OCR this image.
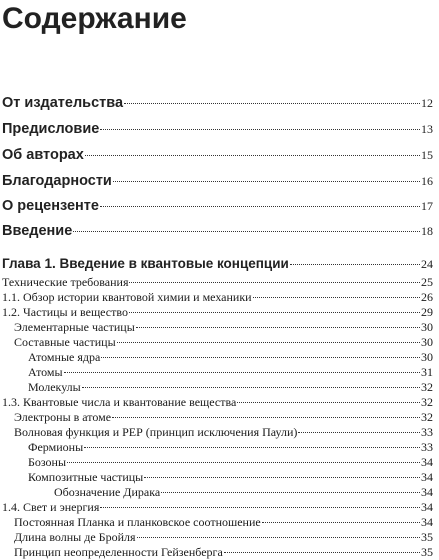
Содержание
От издательства	12
Предисловие	13
Об авторах	15
Благодарности	16
О рецензенте	17
Введение	18
Глава 1. Введение в квантовые концепции	24
Технические требования	25
1.1. Обзор истории квантовой химии и механики	26
1.2. Частицы и вещество	29
Элементарные частицы	30
Составные частицы	30
Атомные ядра	30
Атомы	31
Молекулы	32
1.3. Квантовые числа и квантование вещества	32
Электроны в атоме	32
Волновая функция и РЕР (принцип исключения Паули)	33
Фермионы	33
Бозоны	34
Композитные частицы	34
Обозначение Дирака	34
1.4. Свет и энергия	34
Постоянная Планка и планковское соотношение	34
Длина волны де Бройля	35
Принцип неопределенности Гейзенберга	35
